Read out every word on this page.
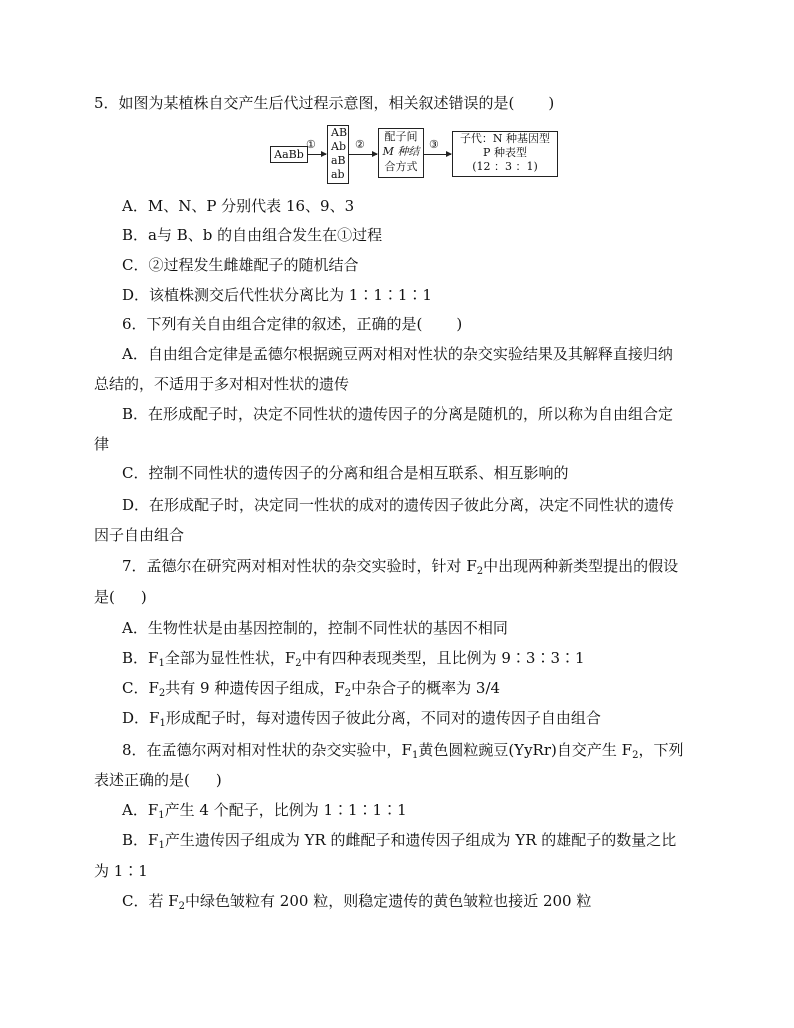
5．如图为某植株自交产生后代过程示意图，相关叙述错误的是( )
AaBb
①
AB
Ab
aB
ab
②
配子间
M 种结
合方式
③	子代：N 种基因型
P 种表型
(12 ：3 ：1)
A．M、N、P 分别代表 16、9、3
B．a与 B、b 的自由组合发生在①过程
C．②过程发生雌雄配子的随机结合
D．该植株测交后代性状分离比为 1∶1∶1∶1
6．下列有关自由组合定律的叙述，正确的是( )
A．自由组合定律是孟德尔根据豌豆两对相对性状的杂交实验结果及其解释直接归纳
总结的，不适用于多对相对性状的遗传
B．在形成配子时，决定不同性状的遗传因子的分离是随机的，所以称为自由组合定
律
C．控制不同性状的遗传因子的分离和组合是相互联系、相互影响的
D．在形成配子时，决定同一性状的成对的遗传因子彼此分离，决定不同性状的遗传
因子自由组合
7．孟德尔在研究两对相对性状的杂交实验时，针对 $F_2$中出现两种新类型提出的假设
是( )
A．生物性状是由基因控制的，控制不同性状的基因不相同
B．$F_1$全部为显性性状，$F_2$中有四种表现类型，且比例为 9∶3∶3∶1
C．$F_2$共有 9 种遗传因子组成，$F_2$中杂合子的概率为 3/4
D．$F_1$形成配子时，每对遗传因子彼此分离，不同对的遗传因子自由组合
8．在孟德尔两对相对性状的杂交实验中，$F_1$黄色圆粒豌豆(YyRr)自交产生 $F_2$，下列
表述正确的是( )
A．$F_1$产生 4 个配子，比例为 1∶1∶1∶1
B．$F_1$产生遗传因子组成为 YR 的雌配子和遗传因子组成为 YR 的雄配子的数量之比
为 1∶1
C．若 $F_2$中绿色皱粒有 200 粒，则稳定遗传的黄色皱粒也接近 200 粒
